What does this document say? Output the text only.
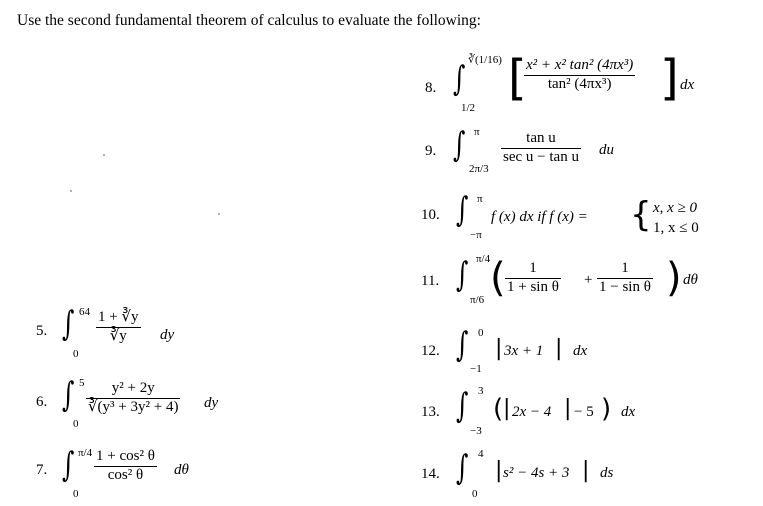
Use the second fundamental theorem of calculus to evaluate the following:
5. ∫ 64
0
1 + ∛y
∛y dy
6. ∫ 5
0
y² + 2y
∛(y³ + 3y² + 4) dy
7. ∫ π/4
0
1 + cos² θ
cos² θ dθ
8. ∫ ∛(1/16)
1/2
[ x² + x² tan² (4πx³)
tan² (4πx³) ] dx
9. ∫ π
2π/3
tan u
sec u − tan u du
10. ∫ π
−π
f (x) dx if f (x) = { x, x ≥ 0
1, x ≤ 0
11. ∫ π/4
π/6 ( 1
1 + sin θ +
1
1 − sin θ ) dθ
12. ∫ 0
−1
| 3x + 1 | dx
13. ∫ 3
−3
( | 2x − 4 | − 5 ) dx
14. ∫ 4
0
| s² − 4s + 3 | ds
